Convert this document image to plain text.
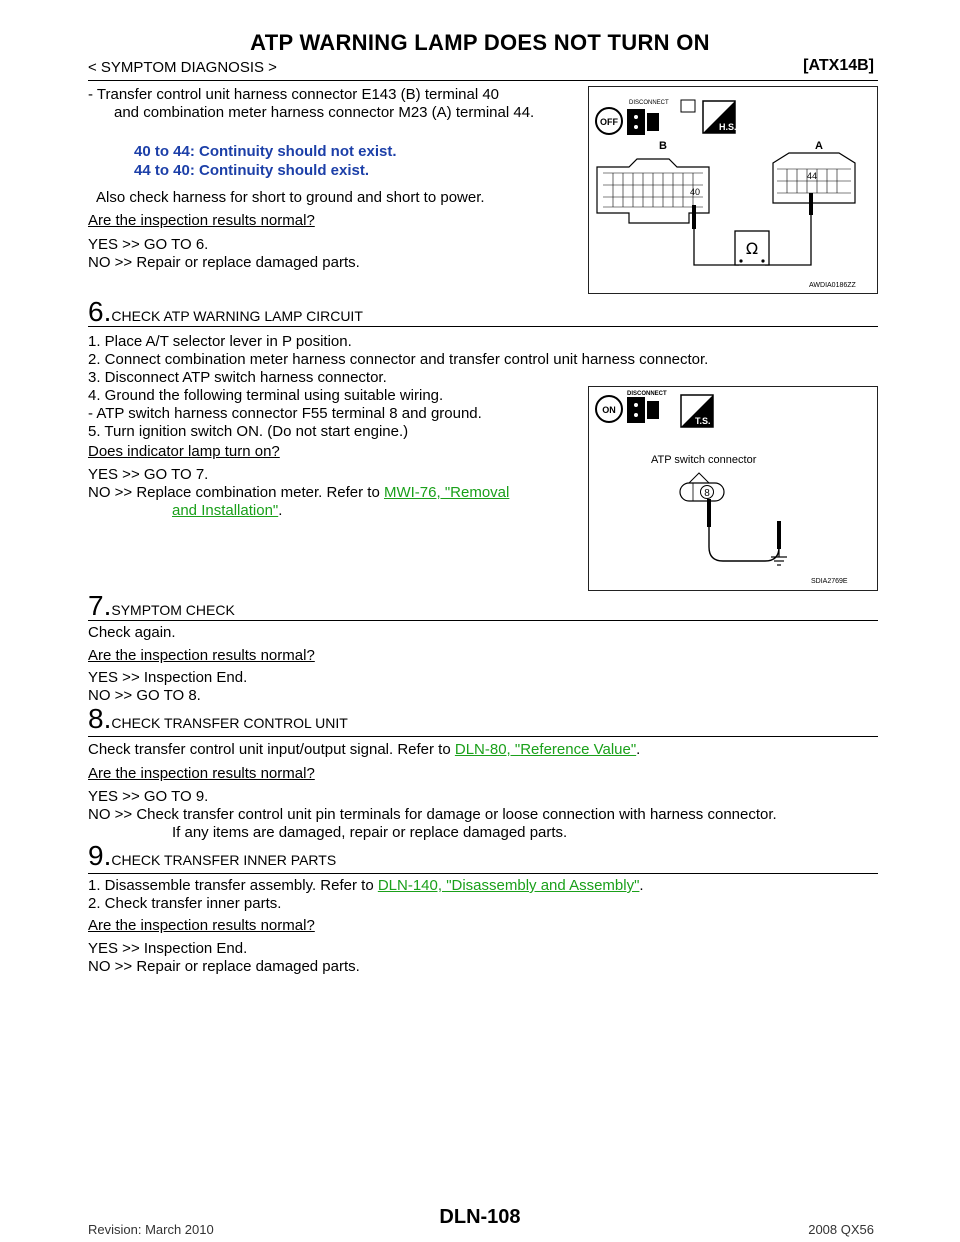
ATP WARNING LAMP DOES NOT TURN ON
< SYMPTOM DIAGNOSIS >	[ATX14B]
- Transfer control unit harness connector E143 (B) terminal 40
and combination meter harness connector M23 (A) terminal 44.
40 to 44: Continuity should not exist.
44 to 40: Continuity should exist.
Also check harness for short to ground and short to power.
Are the inspection results normal?
YES >> GO TO 6.
NO >> Repair or replace damaged parts.
OFF
DISCONNECT
H.S.
B	A
40
44
Ω
AWDIA0186ZZ
6.CHECK ATP WARNING LAMP CIRCUIT
1. Place A/T selector lever in P position.
2. Connect combination meter harness connector and transfer control unit harness connector.
3. Disconnect ATP switch harness connector.
4. Ground the following terminal using suitable wiring.
- ATP switch harness connector F55 terminal 8 and ground.
5. Turn ignition switch ON. (Do not start engine.)
Does indicator lamp turn on?
YES >> GO TO 7.
NO >> Replace combination meter. Refer to MWI-76, "Removal
and Installation".
ON
DISCONNECT
T.S.
ATP switch connector
8
SDIA2769E
7.SYMPTOM CHECK
Check again.
Are the inspection results normal?
YES >> Inspection End.
NO >> GO TO 8.
8.CHECK TRANSFER CONTROL UNIT
Check transfer control unit input/output signal. Refer to DLN-80, "Reference Value".
Are the inspection results normal?
YES >> GO TO 9.
NO >> Check transfer control unit pin terminals for damage or loose connection with harness connector.
If any items are damaged, repair or replace damaged parts.
9.CHECK TRANSFER INNER PARTS
1. Disassemble transfer assembly. Refer to DLN-140, "Disassembly and Assembly".
2. Check transfer inner parts.
Are the inspection results normal?
YES >> Inspection End.
NO >> Repair or replace damaged parts.
DLN-108
Revision: March 2010	2008 QX56
